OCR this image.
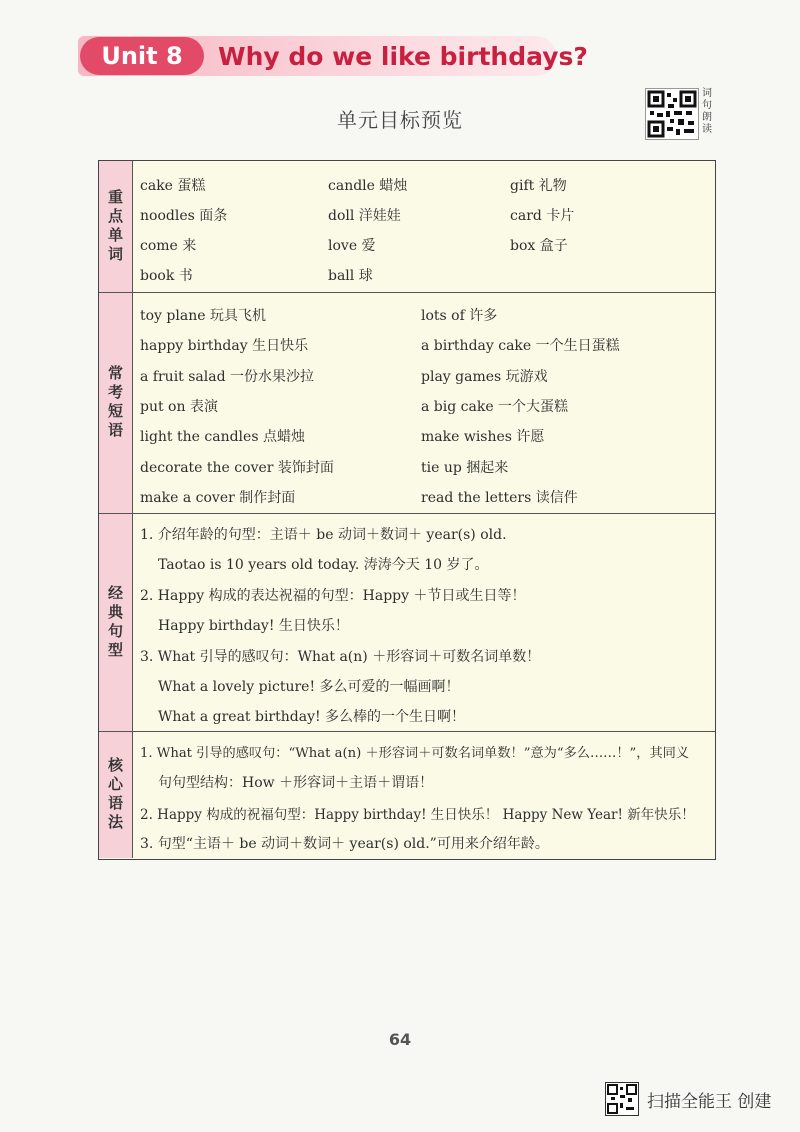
Unit 8	Why do we like birthdays?
单元目标预览
词句朗读
重点单词
cake 蛋糕
noodles 面条
come 来
book 书
candle 蜡烛
doll 洋娃娃
love 爱
ball 球
gift 礼物
card 卡片
box 盒子
常考短语
toy plane 玩具飞机
happy birthday 生日快乐
a fruit salad 一份水果沙拉
put on 表演
light the candles 点蜡烛
decorate the cover 装饰封面
make a cover 制作封面
lots of 许多
a birthday cake 一个生日蛋糕
play games 玩游戏
a big cake 一个大蛋糕
make wishes 许愿
tie up 捆起来
read the letters 读信件
经典句型
1. 介绍年龄的句型：主语＋ be 动词＋数词＋ year(s) old.
Taotao is 10 years old today. 涛涛今天 10 岁了。
2. Happy 构成的表达祝福的句型：Happy ＋节日或生日等！
Happy birthday! 生日快乐！
3. What 引导的感叹句：What a(n) ＋形容词＋可数名词单数！
What a lovely picture! 多么可爱的一幅画啊！
What a great birthday! 多么棒的一个生日啊！
核心语法
1. What 引导的感叹句：“What a(n) ＋形容词＋可数名词单数！”意为“多么……！”，其同义
句句型结构：How ＋形容词＋主语＋谓语！
2. Happy 构成的祝福句型：Happy birthday! 生日快乐！ Happy New Year! 新年快乐！
3. 句型“主语＋ be 动词＋数词＋ year(s) old.”可用来介绍年龄。
64
扫描全能王 创建
